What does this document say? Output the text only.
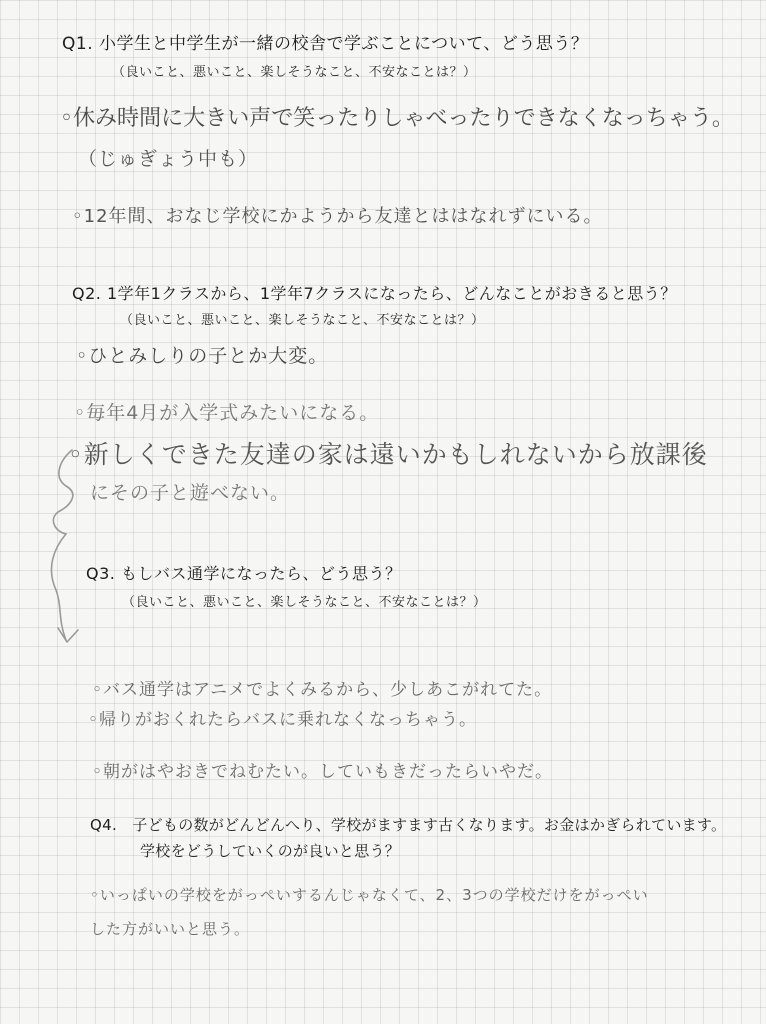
Q1. 小学生と中学生が一緒の校舎で学ぶことについて、どう思う？
（良いこと、悪いこと、楽しそうなこと、不安なことは？）
◦休み時間に大きい声で笑ったりしゃべったりできなくなっちゃう。
（じゅぎょう中も）
◦12年間、おなじ学校にかようから友達とははなれずにいる。
Q2. 1学年1クラスから、1学年7クラスになったら、どんなことがおきると思う？
（良いこと、悪いこと、楽しそうなこと、不安なことは？）
◦ひとみしりの子とか大変。
◦毎年4月が入学式みたいになる。
◦新しくできた友達の家は遠いかもしれないから放課後
にその子と遊べない。
Q3. もしバス通学になったら、どう思う？
（良いこと、悪いこと、楽しそうなこと、不安なことは？）
◦バス通学はアニメでよくみるから、少しあこがれてた。
◦帰りがおくれたらバスに乗れなくなっちゃう。
◦朝がはやおきでねむたい。していもきだったらいやだ。
Q4.　子どもの数がどんどんへり、学校がますます古くなります。お金はかぎられています。
学校をどうしていくのが良いと思う？
◦いっぱいの学校をがっぺいするんじゃなくて、2、3つの学校だけをがっぺい
した方がいいと思う。
